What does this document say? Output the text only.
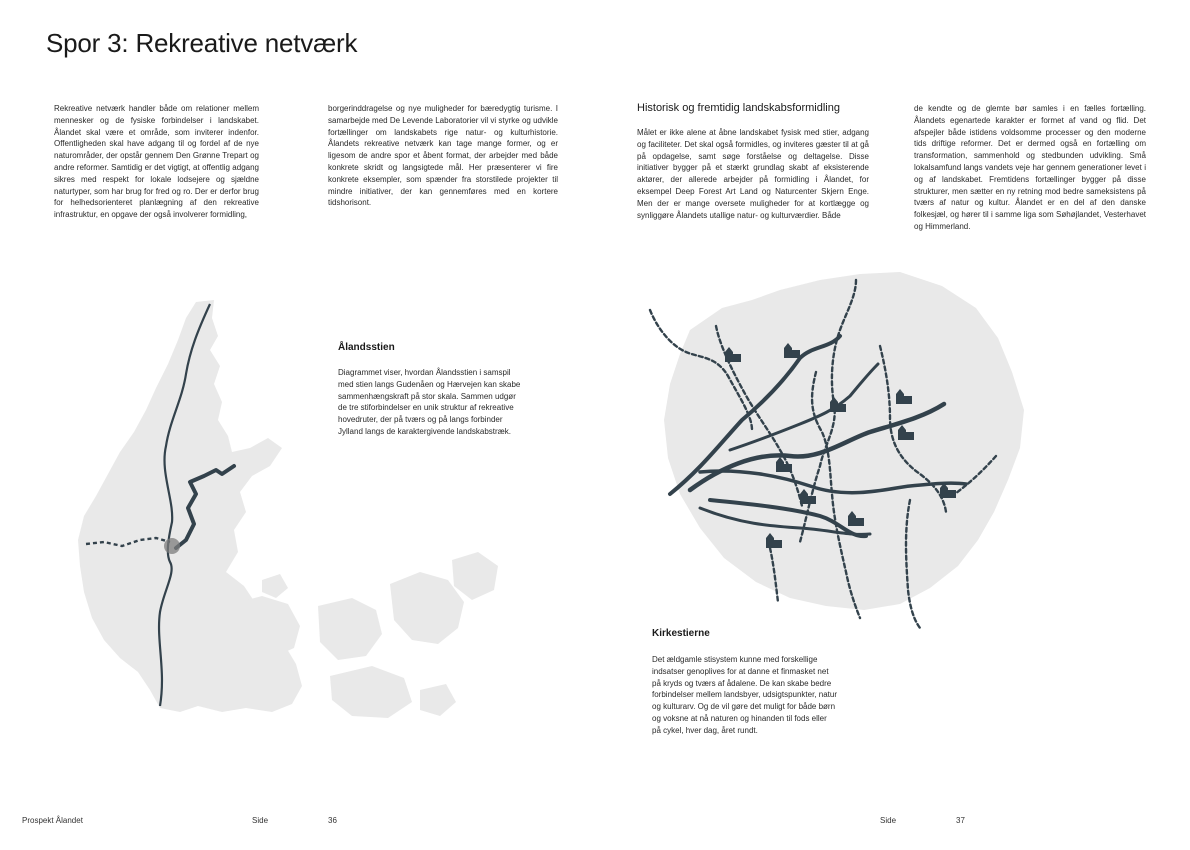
Spor 3: Rekreative netværk
Rekreative netværk handler både om relationer mellem mennesker og de fysiske forbindelser i landskabet. Ålandet skal være et område, som inviterer indenfor. Offentligheden skal have adgang til og fordel af de nye naturområder, der opstår gennem Den Grønne Trepart og andre reformer. Samtidig er det vigtigt, at offentlig adgang sikres med respekt for lokale lodsejere og sjældne naturtyper, som har brug for fred og ro. Der er derfor brug for helhedsorienteret planlægning af den rekreative infrastruktur, en opgave der også involverer formidling,
borgerinddragelse og nye muligheder for bæredygtig turisme. I samarbejde med De Levende Laboratorier vil vi styrke og udvikle fortællinger om landskabets rige natur- og kulturhistorie. Ålandets rekreative netværk kan tage mange former, og er ligesom de andre spor et åbent format, der arbejder med både konkrete skridt og langsigtede mål. Her præsenterer vi fire konkrete eksempler, som spænder fra storstilede projekter til mindre initiativer, der kan gennemføres med en kortere tidshorisont.
Historisk og fremtidig landskabsformidling
Målet er ikke alene at åbne landskabet fysisk med stier, adgang og faciliteter. Det skal også formidles, og inviteres gæster til at gå på opdagelse, samt søge forståelse og deltagelse. Disse initiativer bygger på et stærkt grundlag skabt af eksisterende aktører, der allerede arbejder på formidling i Ålandet, for eksempel Deep Forest Art Land og Naturcenter Skjern Enge. Men der er mange oversete muligheder for at kortlægge og synliggøre Ålandets utallige natur- og kulturværdier. Både
de kendte og de glemte bør samles i en fælles fortælling. Ålandets egenartede karakter er formet af vand og flid. Det afspejler både istidens voldsomme processer og den moderne tids driftige reformer. Det er dermed også en fortælling om transformation, sammenhold og stedbunden udvikling. Små lokalsamfund langs vandets veje har gennem generationer levet i og af landskabet. Fremtidens fortællinger bygger på disse strukturer, men sætter en ny retning mod bedre sameksistens på tværs af natur og kultur. Ålandet er en del af den danske folkesjæl, og hører til i samme liga som Søhøjlandet, Vesterhavet og Himmerland.
Ålandsstien
Diagrammet viser, hvordan Ålandsstien i samspil med stien langs Gudenåen og Hærvejen kan skabe sammenhængskraft på stor skala. Sammen udgør de tre stiforbindelser en unik struktur af rekreative hovedruter, der på tværs og på langs forbinder Jylland langs de karaktergivende landskabstræk.
Kirkestierne
Det ældgamle stisystem kunne med forskellige indsatser genoplives for at danne et finmasket net på kryds og tværs af ådalene. De kan skabe bedre forbindelser mellem landsbyer, udsigtspunkter, natur og kulturarv. Og de vil gøre det muligt for både børn og voksne at nå naturen og hinanden til fods eller på cykel, hver dag, året rundt.
Prospekt Ålandet	Side	36	Side	37
